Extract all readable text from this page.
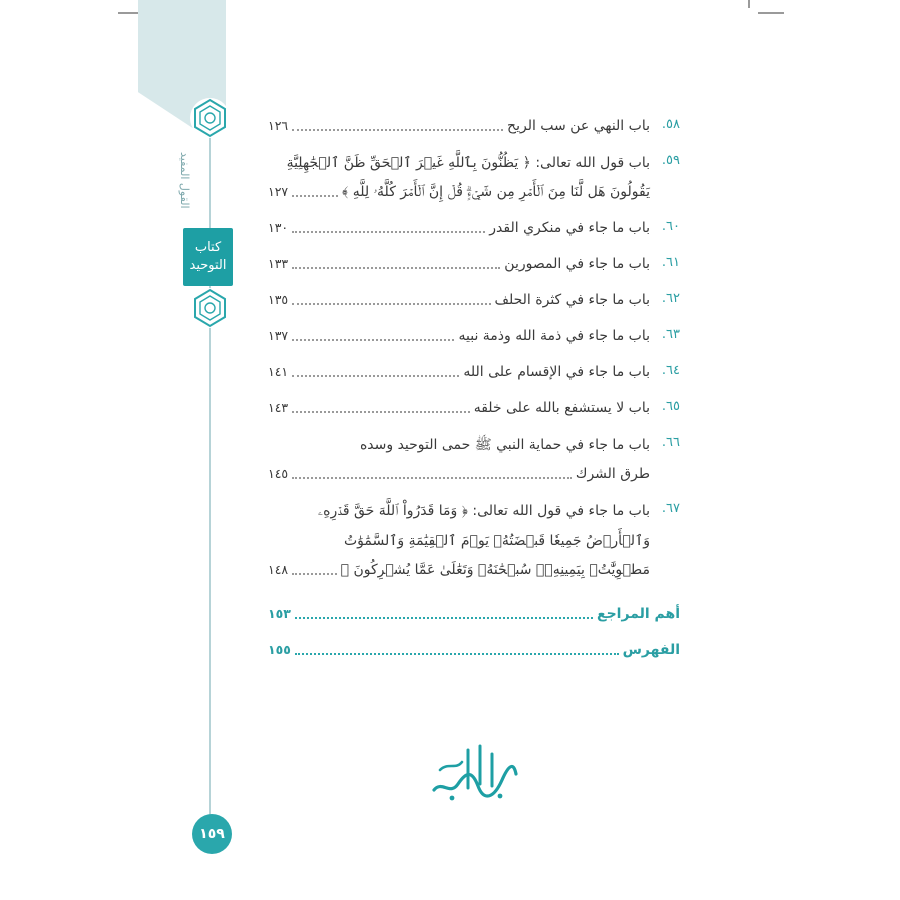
القول المفيد
كتاب
التوحيد
١٥٩
٥٨.
باب النهي عن سب الريح
١٢٦
٥٩.
باب قول الله تعالى: ﴿ يَظُنُّونَ بِٱللَّهِ غَيۡرَ ٱلۡحَقِّ ظَنَّ ٱلۡجَٰهِلِيَّةِ
يَقُولُونَ هَل لَّنَا مِنَ ٱلۡأَمۡرِ مِن شَيۡءٍۗ قُلۡ إِنَّ ٱلۡأَمۡرَ كُلَّهُۥ لِلَّهِ ﴾
١٢٧
٦٠.
باب ما جاء في منكري القدر
١٣٠
٦١.
باب ما جاء في المصورين
١٣٣
٦٢.
باب ما جاء في كثرة الحلف
١٣٥
٦٣.
باب ما جاء في ذمة الله وذمة نبيه
١٣٧
٦٤.
باب ما جاء في الإقسام على الله
١٤١
٦٥.
باب لا يستشفع بالله على خلقه
١٤٣
٦٦.
باب ما جاء في حماية النبي ﷺ حمى التوحيد وسده
طرق الشرك
١٤٥
٦٧.
باب ما جاء في قول الله تعالى: ﴿ وَمَا قَدَرُواْ ٱللَّهَ حَقَّ قَدۡرِهِۦ
وَٱلۡأَرۡضُ جَمِيعٗا قَبۡضَتُهُۥ يَوۡمَ ٱلۡقِيَٰمَةِ وَٱلسَّمَٰوَٰتُ
مَطۡوِيَّٰتُۢ بِيَمِينِهِۦۚ سُبۡحَٰنَهُۥ وَتَعَٰلَىٰ عَمَّا يُشۡرِكُونَ ﴾
١٤٨
أهم المراجع
١٥٣
الفهرس
١٥٥
